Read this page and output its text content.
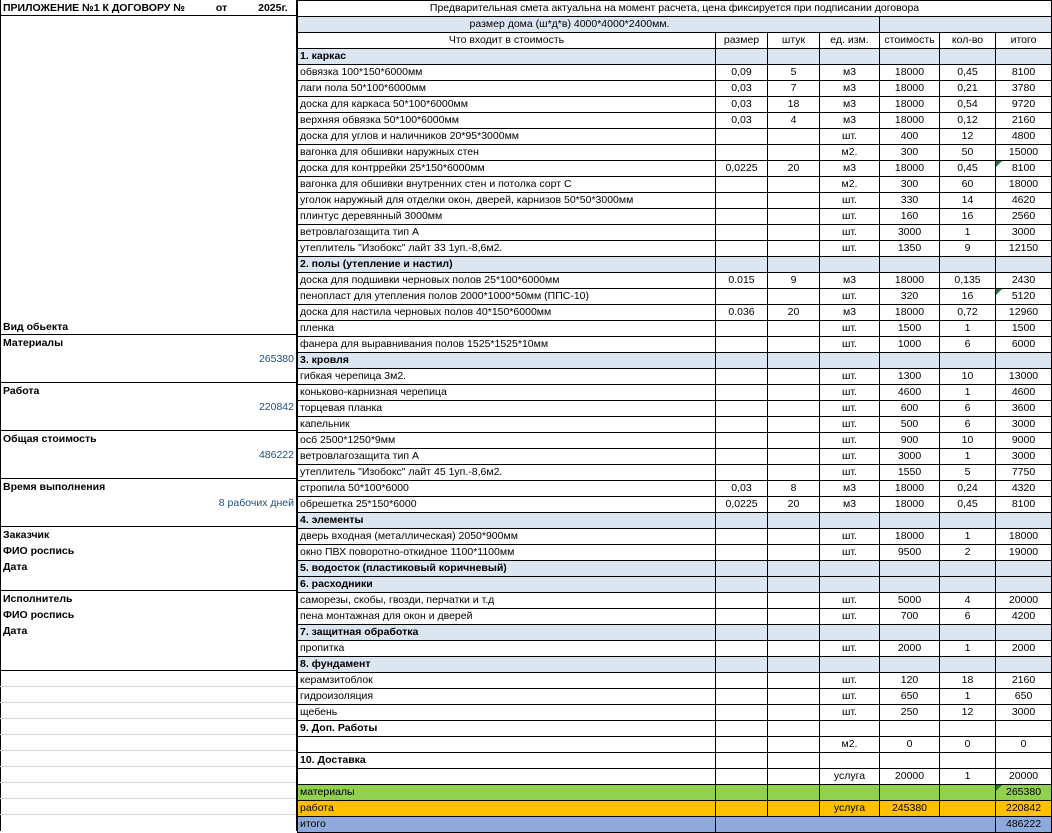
ПРИЛОЖЕНИЕ №1 К ДОГОВОРУ №	от	2025г.
Вид обьекта
Материалы
265380
Работа
220842
Общая стоимость
486222
Время выполнения
8 рабочих дней
Заказчик
ФИО роспись
Дата
Исполнитель
ФИО роспись
Дата
Предварительная смета актуальна на момент расчета, цена фиксируется при подписании договора						
размер дома (ш*д*в) 4000*4000*2400мм.						
Что входит в стоимость	размер	штук	ед. изм.	стоимость	кол-во	итого
1. каркас						
обвязка 100*150*6000мм	0,09	5	м3	18000	0,45	8100
лаги пола 50*100*6000мм	0,03	7	м3	18000	0,21	3780
доска для каркаса 50*100*6000мм	0,03	18	м3	18000	0,54	9720
верхняя обвязка 50*100*6000мм	0,03	4	м3	18000	0,12	2160
доска для углов и наличников 20*95*3000мм			шт.	400	12	4800
вагонка для обшивки наружных стен			м2.	300	50	15000
доска для контррейки 25*150*6000мм	0,0225	20	м3	18000	0,45	8100
вагонка для обшивки внутренних стен и потолка сорт С			м2.	300	60	18000
уголок наружный для отделки окон, дверей, карнизов 50*50*3000мм			шт.	330	14	4620
плинтус деревянный 3000мм			шт.	160	16	2560
ветровлагозащита тип А			шт.	3000	1	3000
утеплитель "Изобокс" лайт 33 1уп.-8,6м2.			шт.	1350	9	12150
2. полы (утепление и настил)						
доска для подшивки черновых полов 25*100*6000мм	0.015	9	м3	18000	0,135	2430
пенопласт для утепления полов 2000*1000*50мм (ППС-10)			шт.	320	16	5120
доска для настила черновых полов 40*150*6000мм	0.036	20	м3	18000	0,72	12960
пленка			шт.	1500	1	1500
фанера для выравнивания полов 1525*1525*10мм			шт.	1000	6	6000
3. кровля						
гибкая черепица 3м2.			шт.	1300	10	13000
коньково-карнизная черепица			шт.	4600	1	4600
торцевая планка			шт.	600	6	3600
капельник			шт.	500	6	3000
осб 2500*1250*9мм			шт.	900	10	9000
ветровлагозащита тип А			шт.	3000	1	3000
утеплитель "Изобокс" лайт 45 1уп.-8,6м2.			шт.	1550	5	7750
стропила 50*100*6000	0,03	8	м3	18000	0,24	4320
обрешетка 25*150*6000	0,0225	20	м3	18000	0,45	8100
4. элементы						
дверь входная (металлическая) 2050*900мм			шт.	18000	1	18000
окно ПВХ поворотно-откидное 1100*1100мм			шт.	9500	2	19000
5. водосток (пластиковый коричневый)						
6. расходники						
саморезы, скобы, гвозди, перчатки и т.д			шт.	5000	4	20000
пена монтажная для окон и дверей			шт.	700	6	4200
7. защитная обработка						
пропитка			шт.	2000	1	2000
8. фундамент						
керамзитоблок			шт.	120	18	2160
гидроизоляция			шт.	650	1	650
щебень			шт.	250	12	3000
9. Доп. Работы						
			м2.	0	0	0
10. Доставка						
			услуга	20000	1	20000
материалы						265380
работа			услуга	245380		220842
итого						486222
